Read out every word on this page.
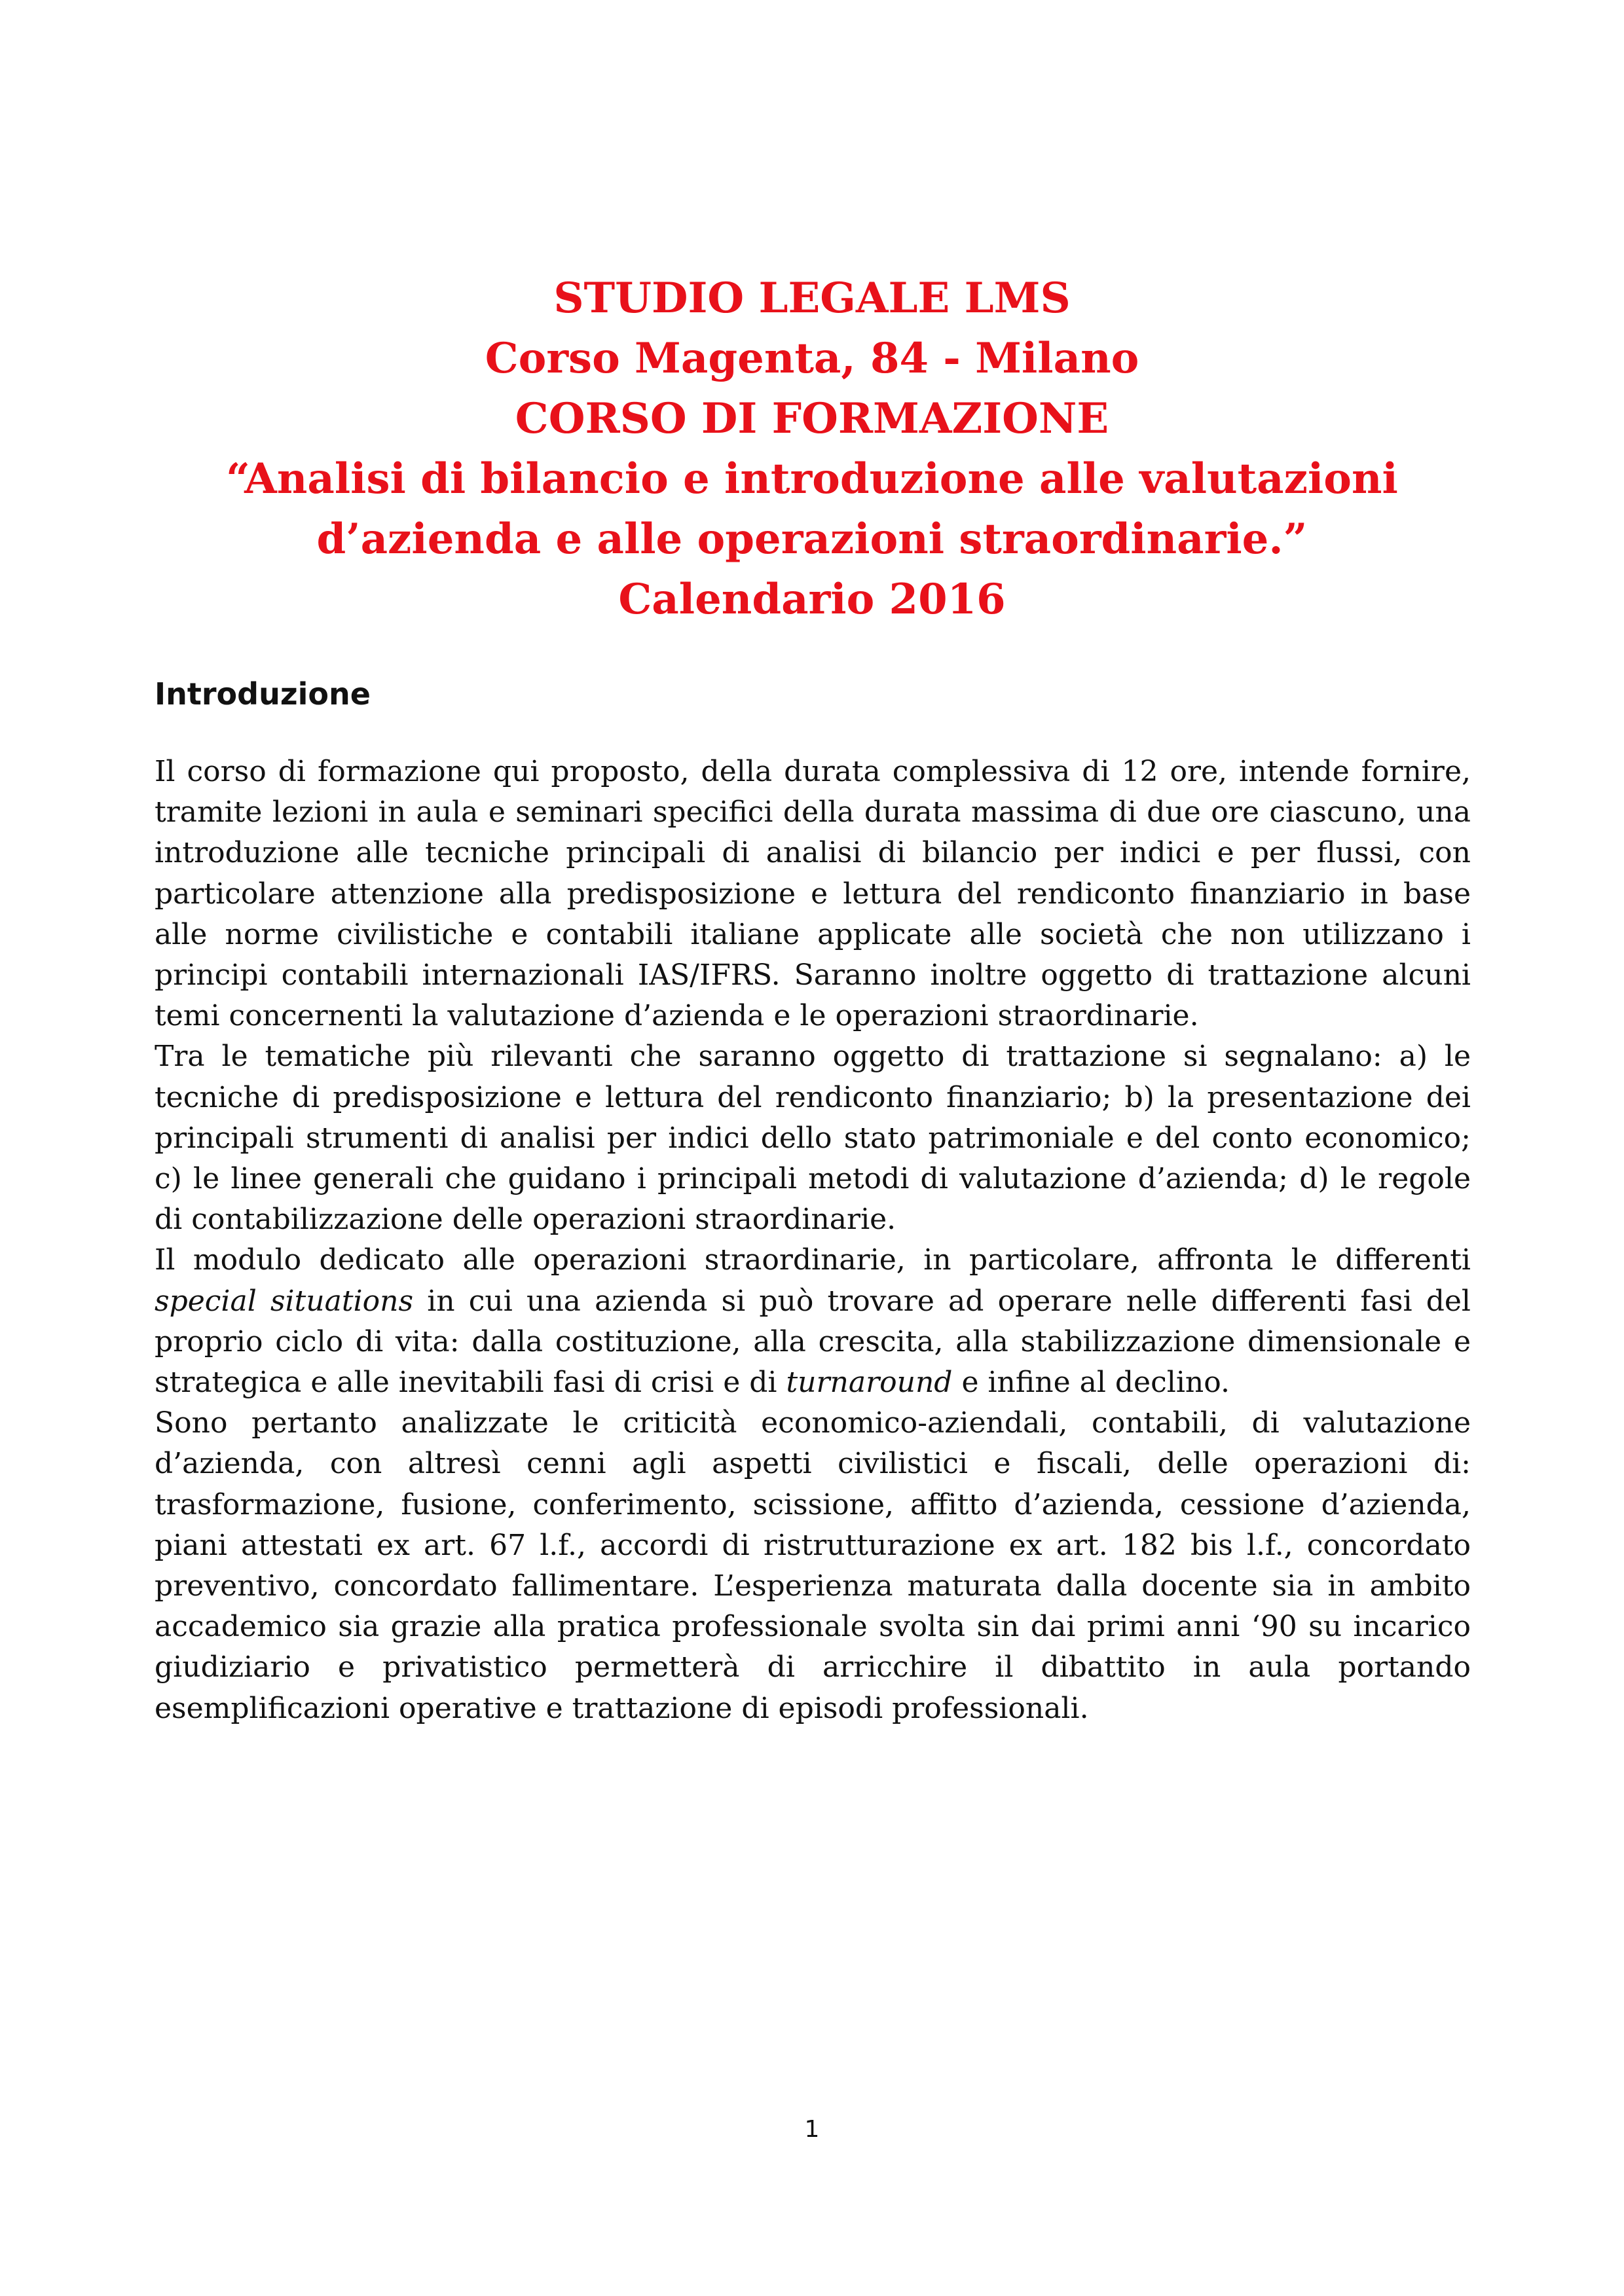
STUDIO LEGALE LMS
Corso Magenta, 84 - Milano
CORSO DI FORMAZIONE
“Analisi di bilancio e introduzione alle valutazioni
d’azienda e alle operazioni straordinarie.”
Calendario 2016
Introduzione

Il corso di formazione qui proposto, della durata complessiva di 12 ore, intende fornire, tramite lezioni in aula e seminari specifici della durata massima di due ore ciascuno, una introduzione alle tecniche principali di analisi di bilancio per indici e per flussi, con particolare attenzione alla predisposizione e lettura del rendiconto finanziario in base alle norme civilistiche e contabili italiane applicate alle società che non utilizzano i principi contabili internazionali IAS/IFRS. Saranno inoltre oggetto di trattazione alcuni temi concernenti la valutazione d’azienda e le operazioni straordinarie.

Tra le tematiche più rilevanti che saranno oggetto di trattazione si segnalano: a) le tecniche di predisposizione e lettura del rendiconto finanziario; b) la presentazione dei principali strumenti di analisi per indici dello stato patrimoniale e del conto economico; c) le linee generali che guidano i principali metodi di valutazione d’azienda; d) le regole di contabilizzazione delle operazioni straordinarie.

Il modulo dedicato alle operazioni straordinarie, in particolare, affronta le differenti special situations in cui una azienda si può trovare ad operare nelle differenti fasi del proprio ciclo di vita: dalla costituzione, alla crescita, alla stabilizzazione dimensionale e strategica e alle inevitabili fasi di crisi e di turnaround e infine al declino.

Sono pertanto analizzate le criticità economico-aziendali, contabili, di valutazione d’azienda, con altresì cenni agli aspetti civilistici e fiscali, delle operazioni di: trasformazione, fusione, conferimento, scissione, affitto d’azienda, cessione d’azienda, piani attestati ex art. 67 l.f., accordi di ristrutturazione ex art. 182 bis l.f., concordato preventivo, concordato fallimentare. L’esperienza maturata dalla docente sia in ambito accademico sia grazie alla pratica professionale svolta sin dai primi anni ‘90 su incarico giudiziario e privatistico permetterà di arricchire il dibattito in aula portando esemplificazioni operative e trattazione di episodi professionali.

1
